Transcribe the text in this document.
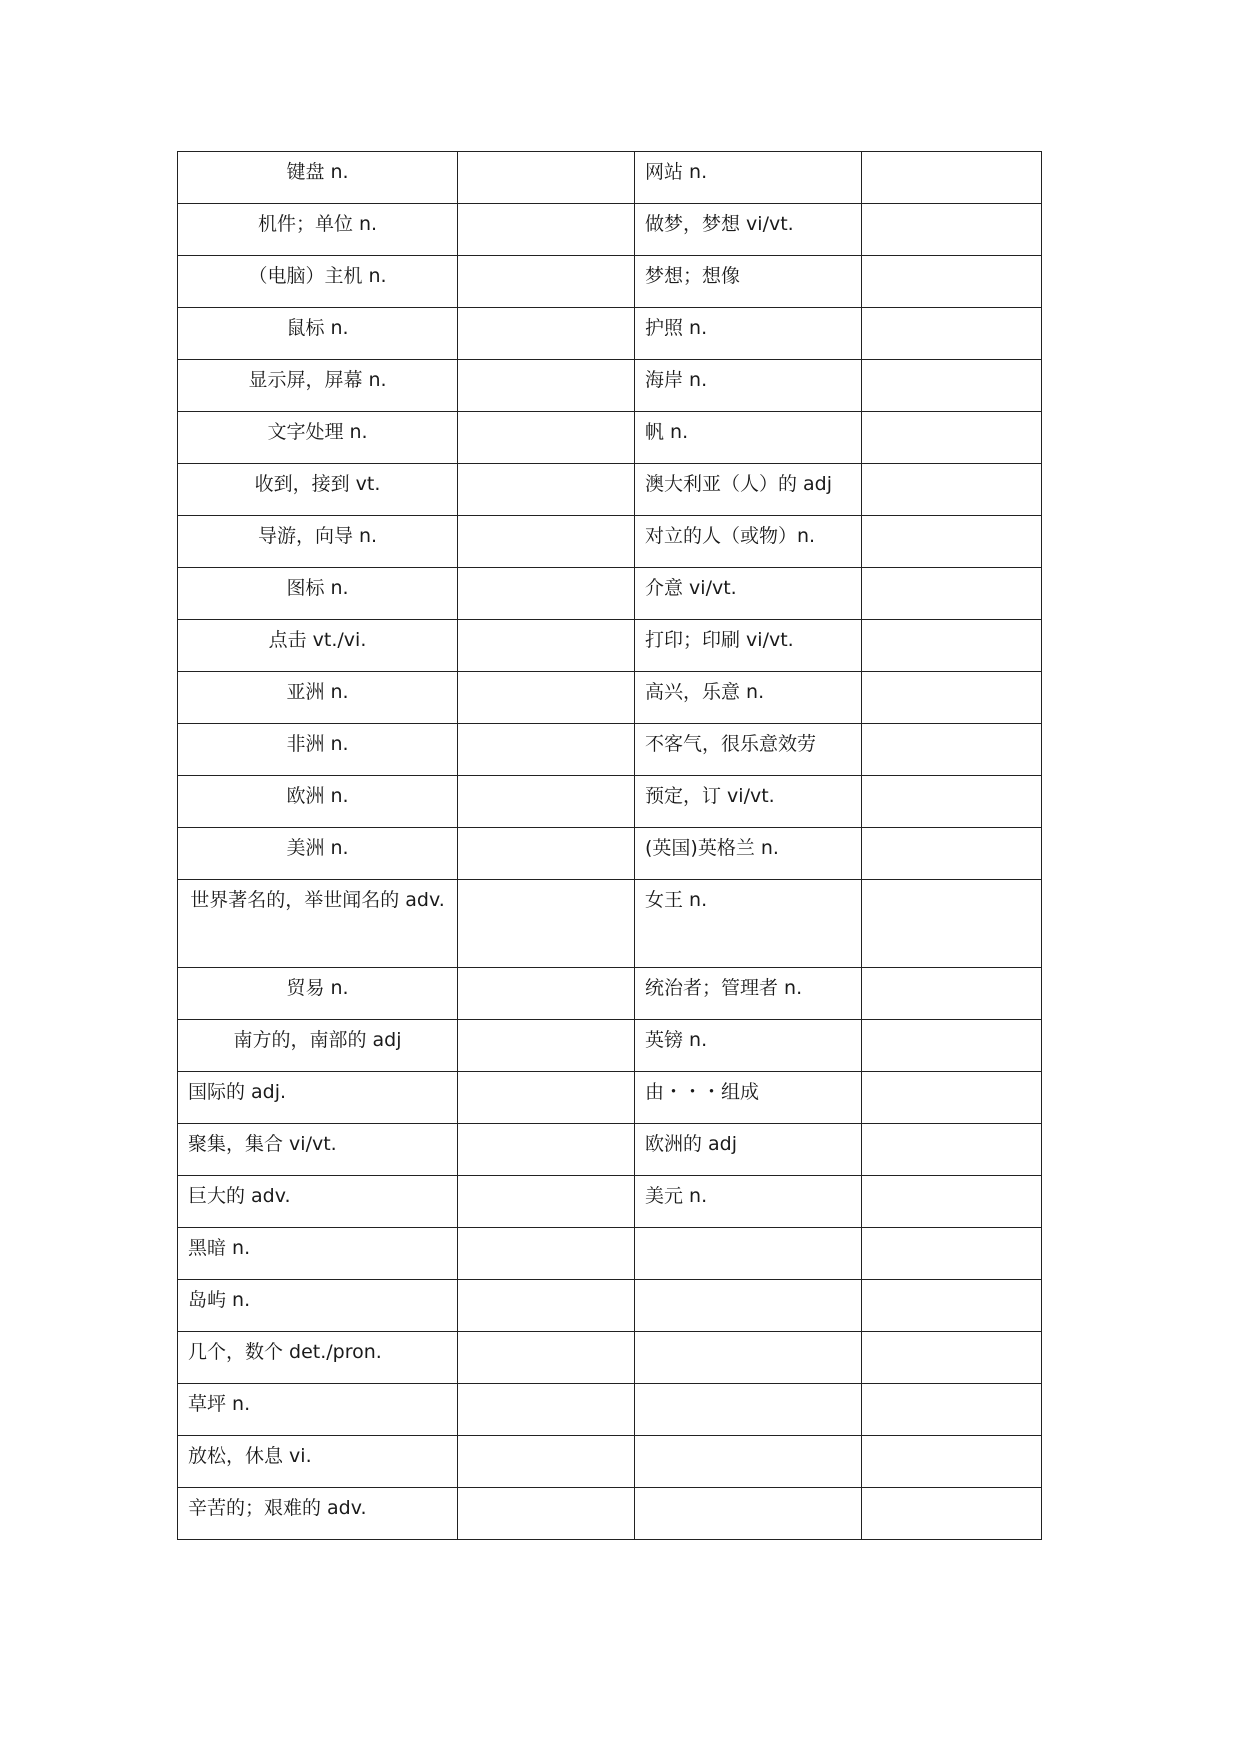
键盘 n.		网站 n.	
机件；单位 n.		做梦，梦想 vi/vt.	
（电脑）主机 n.		梦想；想像	
鼠标 n.		护照 n.	
显示屏，屏幕 n.		海岸 n.	
文字处理 n.		帆 n.	
收到，接到 vt.		澳大利亚（人）的 adj	
导游，向导 n.		对立的人（或物）n.	
图标 n.		介意 vi/vt.	
点击 vt./vi.		打印；印刷 vi/vt.	
亚洲 n.		高兴，乐意 n.	
非洲 n.		不客气，很乐意效劳	
欧洲 n.		预定，订 vi/vt.	
美洲 n.		(英国)英格兰 n.	
世界著名的，举世闻名的 adv.		女王 n.	
贸易 n.		统治者；管理者 n.	
南方的，南部的 adj		英镑 n.	
国际的 adj.		由・・・组成	
聚集，集合 vi/vt.		欧洲的 adj	
巨大的 adv.		美元 n.	
黑暗 n.			
岛屿 n.			
几个，数个 det./pron.			
草坪 n.			
放松，休息 vi.			
辛苦的；艰难的 adv.			
